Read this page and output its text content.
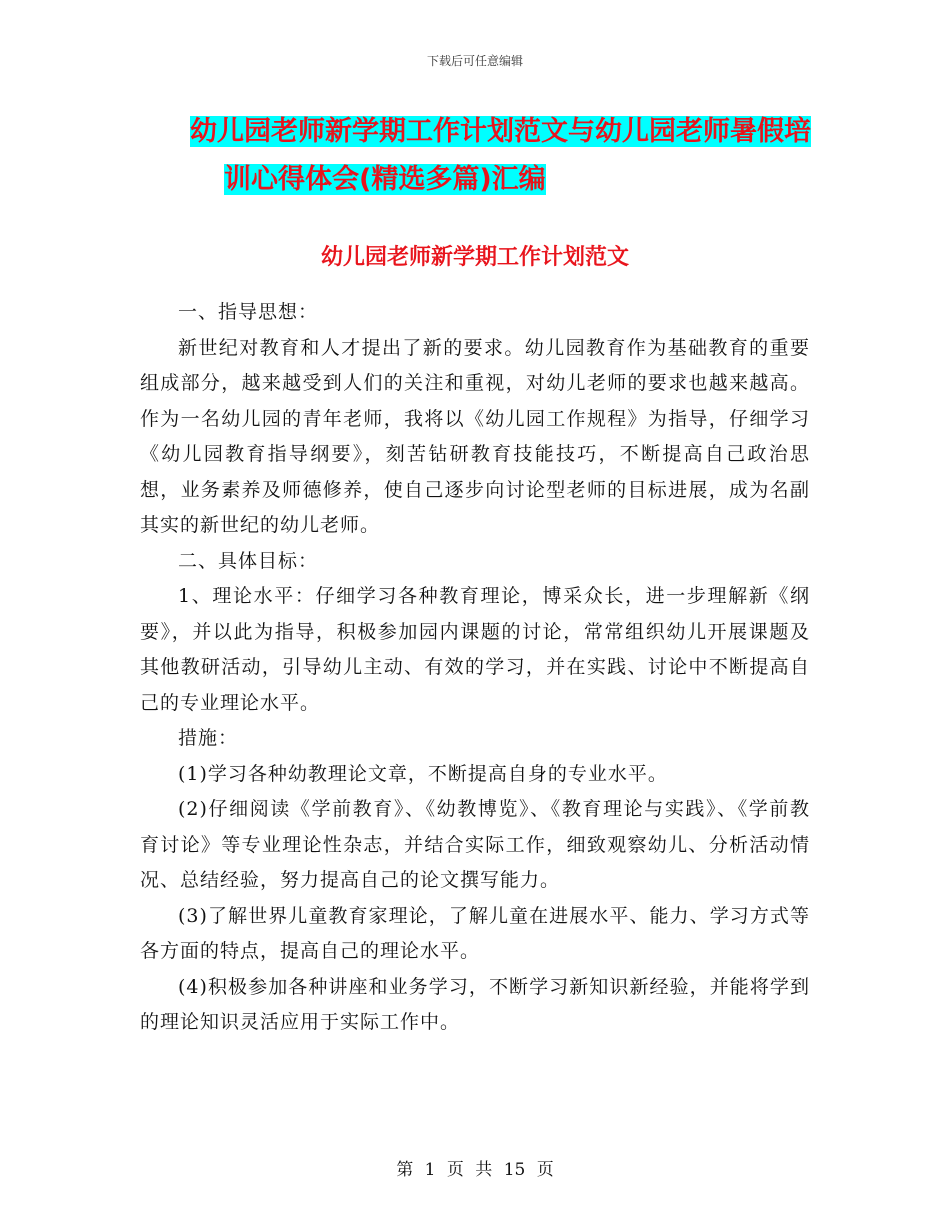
下载后可任意编辑
幼儿园老师新学期工作计划范文与幼儿园老师暑假培
训心得体会(精选多篇)汇编
幼儿园老师新学期工作计划范文

一、指导思想：

新世纪对教育和人才提出了新的要求。幼儿园教育作为基础教育的重要组成部分，越来越受到人们的关注和重视，对幼儿老师的要求也越来越高。作为一名幼儿园的青年老师，我将以《幼儿园工作规程》为指导，仔细学习《幼儿园教育指导纲要》，刻苦钻研教育技能技巧，不断提高自己政治思想，业务素养及师德修养，使自己逐步向讨论型老师的目标进展，成为名副其实的新世纪的幼儿老师。

二、具体目标：

1、理论水平：仔细学习各种教育理论，博采众长，进一步理解新《纲要》，并以此为指导，积极参加园内课题的讨论，常常组织幼儿开展课题及其他教研活动，引导幼儿主动、有效的学习，并在实践、讨论中不断提高自己的专业理论水平。

措施：

(1)学习各种幼教理论文章，不断提高自身的专业水平。

(2)仔细阅读《学前教育》、《幼教博览》、《教育理论与实践》、《学前教育讨论》等专业理论性杂志，并结合实际工作，细致观察幼儿、分析活动情况、总结经验，努力提高自己的论文撰写能力。

(3)了解世界儿童教育家理论，了解儿童在进展水平、能力、学习方式等各方面的特点，提高自己的理论水平。

(4)积极参加各种讲座和业务学习，不断学习新知识新经验，并能将学到的理论知识灵活应用于实际工作中。

第 1 页 共 15 页
